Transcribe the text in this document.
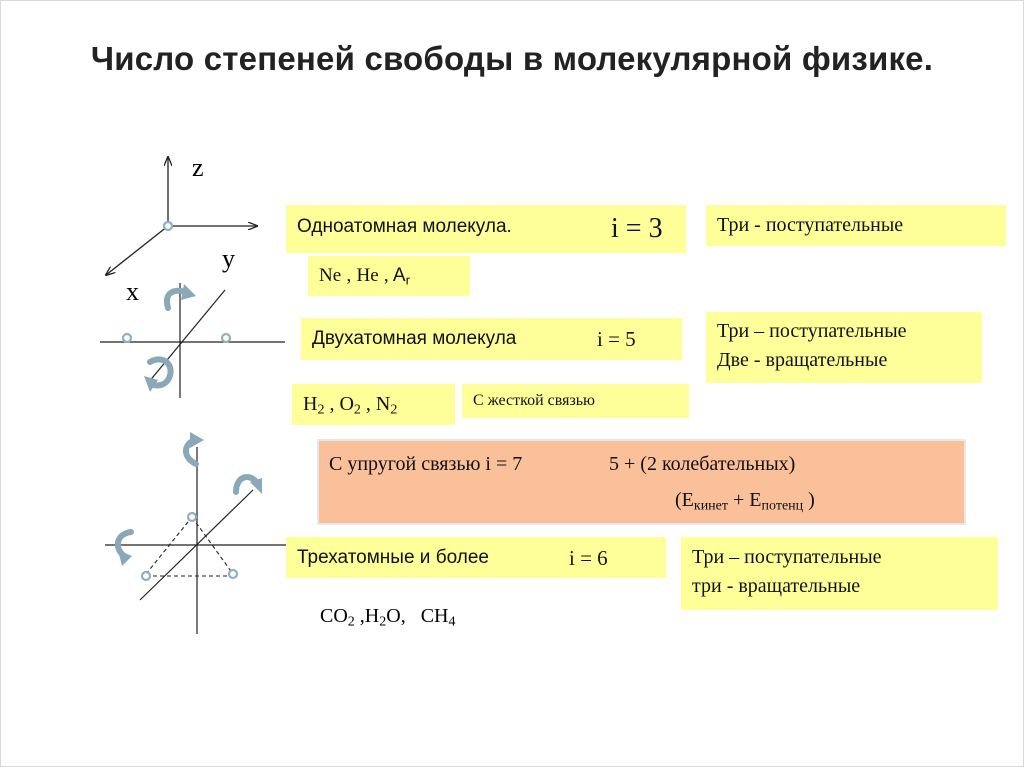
Число степеней свободы в молекулярной физике.
z
y
x
Одноатомная молекула.	i = 3
Ne , He , $A_r$
Три - поступательные
Двухатомная молекула	i = 5	Три – поступательные
Две - вращательные
$H_2$ , $O_2$ , $N_2$
С жесткой связью
С упругой связью i = 7	5 + (2 колебательных)
($E_{кинет} + E_{потенц}$ )
Трехатомные и более	i = 6	Три – поступательные
три - вращательные
$CO_2$ $,H_2O$, $CH_4$
